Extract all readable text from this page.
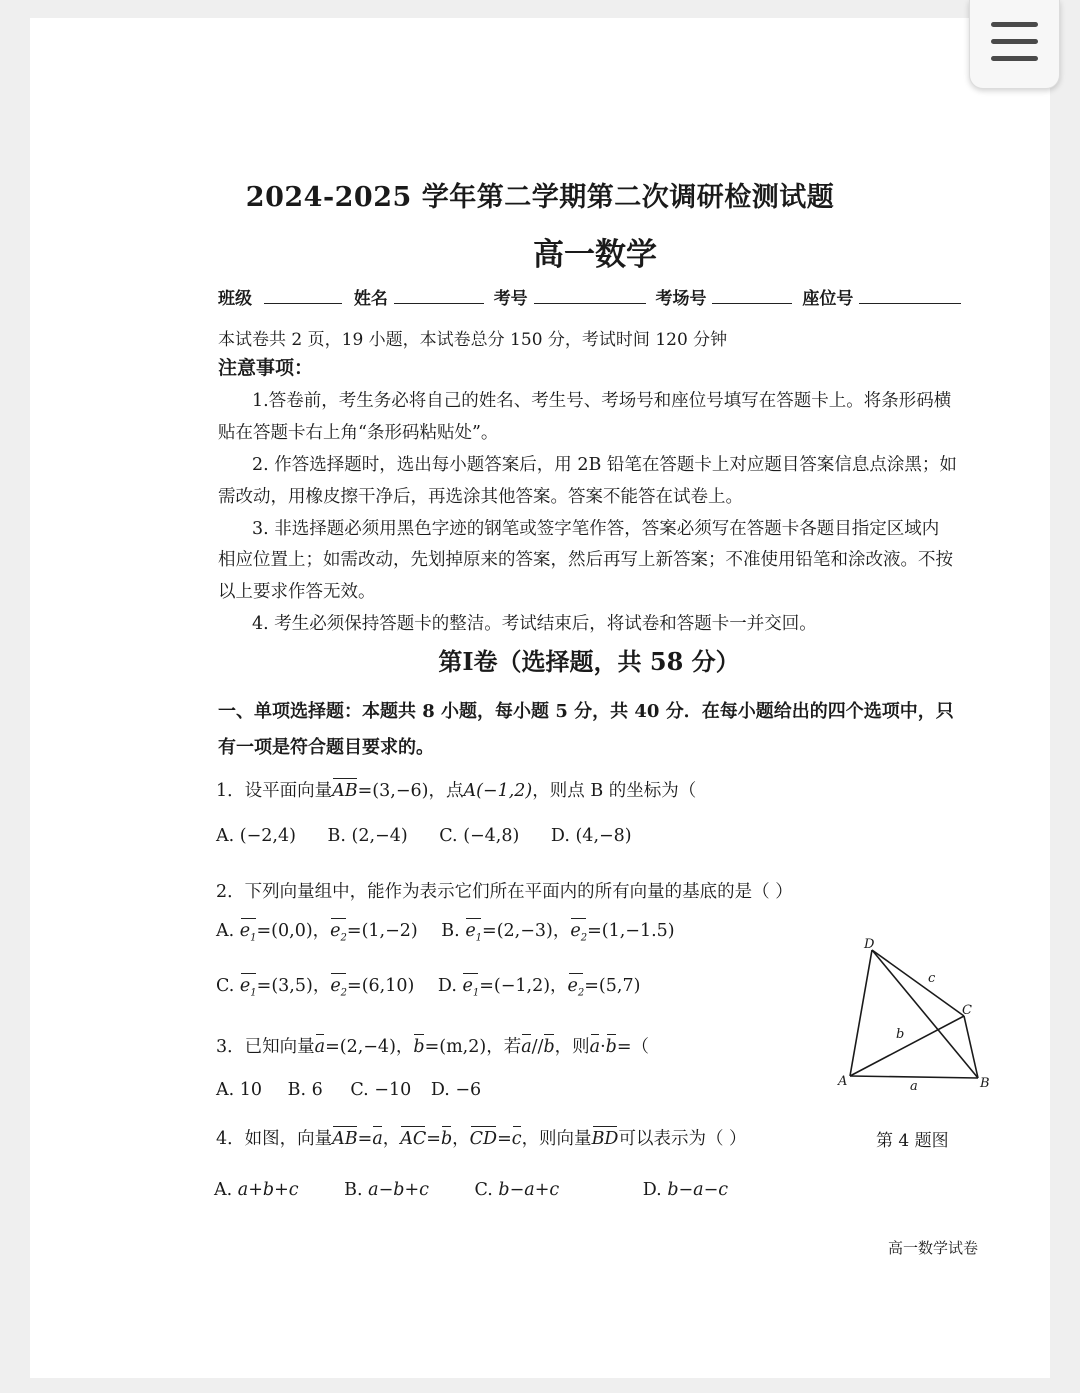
2024-2025 学年第二学期第二次调研检测试题
高一数学
班级	姓名	考号	考场号	座位号
本试卷共 2 页，19 小题，本试卷总分 150 分，考试时间 120 分钟
注意事项：
1.答卷前，考生务必将自己的姓名、考生号、考场号和座位号填写在答题卡上。将条形码横
贴在答题卡右上角“条形码粘贴处”。
2. 作答选择题时，选出每小题答案后，用 2B 铅笔在答题卡上对应题目答案信息点涂黑；如
需改动，用橡皮擦干净后，再选涂其他答案。答案不能答在试卷上。
3. 非选择题必须用黑色字迹的钢笔或签字笔作答，答案必须写在答题卡各题目指定区域内
相应位置上；如需改动，先划掉原来的答案，然后再写上新答案；不准使用铅笔和涂改液。不按
以上要求作答无效。
4. 考生必须保持答题卡的整洁。考试结束后，将试卷和答题卡一并交回。
第Ⅰ卷（选择题，共 58 分）
一、单项选择题：本题共 8 小题，每小题 5 分，共 40 分．在每小题给出的四个选项中，只
有一项是符合题目要求的。
1．设平面向量AB=(3,−6)，点A(−1,2)，则点 B 的坐标为（
A. (−2,4) B. (2,−4) C. (−4,8) D. (4,−8)
2．下列向量组中，能作为表示它们所在平面内的所有向量的基底的是（ ）
A. $e_1=(0,0)$，$e_2=(1,-2)$ B. $e_1=(2,-3)$，$e_2=(1,-1.5)$
C. $e_1=(3,5)$，$e_2=(6,10)$ D. $e_1=(-1,2)$，$e_2=(5,7)$
3．已知向量a=(2,−4)，b=(m,2)，若a//b，则a·b=（
A. 10 B. 6 C. −10 D. −6
4．如图，向量AB=a，AC=b，CD=c，则向量BD可以表示为（ ）
A. a+b+c	B. a−b+c	C. b−a+c	D. b−a−c
D
C
A	B
c
b
a
第 4 题图
高一数学试卷
